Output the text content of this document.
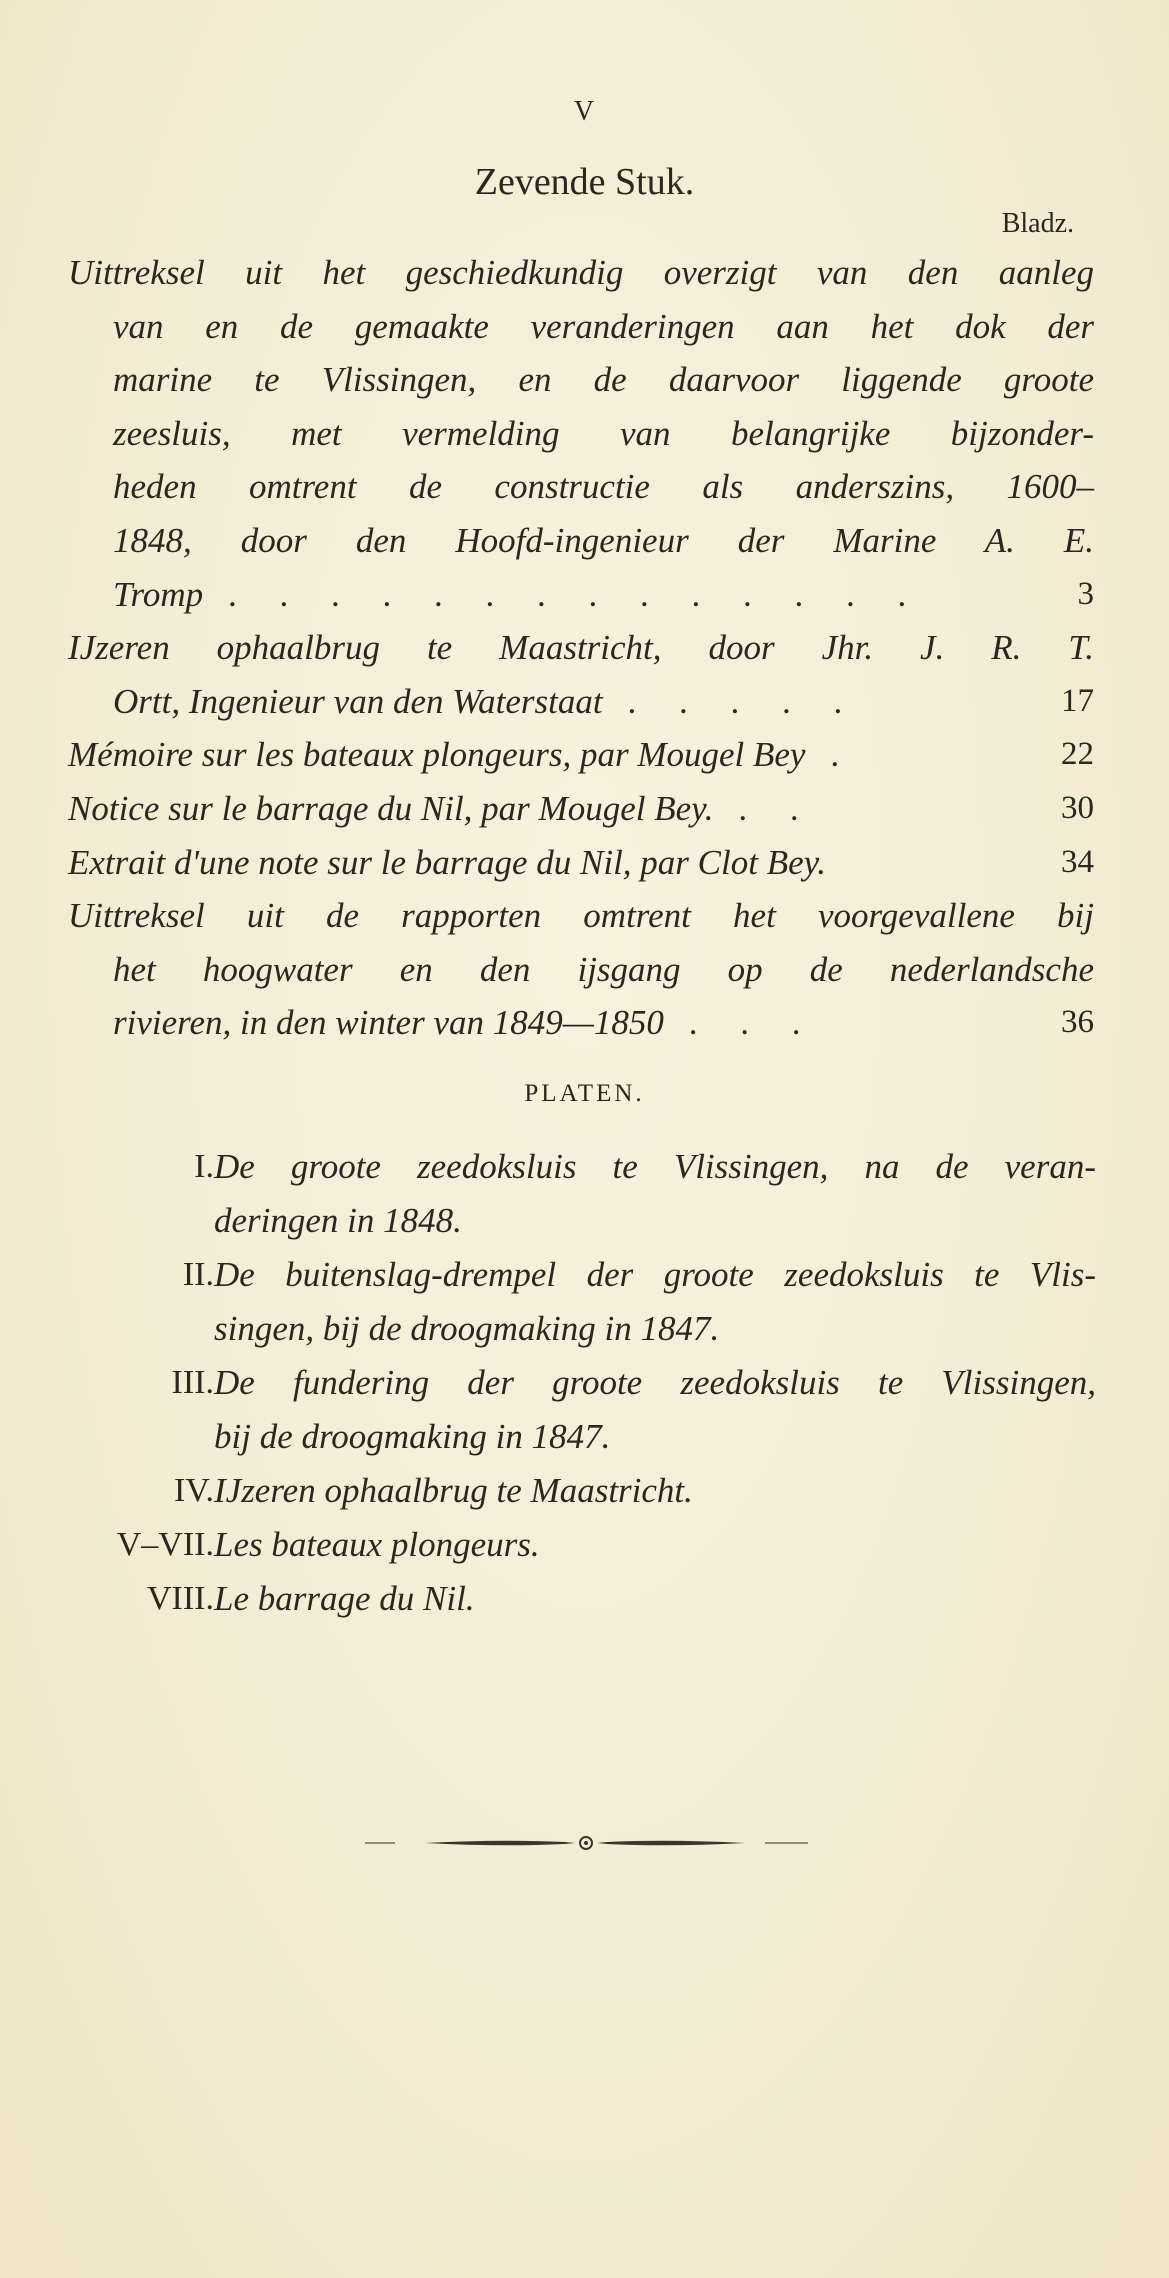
V
Zevende Stuk.
Bladz.
Uittreksel uit het geschiedkundig overzigt van den aanleg
van en de gemaakte veranderingen aan het dok der
marine te Vlissingen, en de daarvoor liggende groote
zeesluis, met vermelding van belangrijke bijzonder-
heden omtrent de constructie als anderszins, 1600–
1848, door den Hoofd-ingenieur der Marine A. E.
Tromp . . . . . . . . . . . . . .	3
IJzeren ophaalbrug te Maastricht, door Jhr. J. R. T.
Ortt, Ingenieur van den Waterstaat . . . . .	17
Mémoire sur les bateaux plongeurs, par Mougel Bey .	22
Notice sur le barrage du Nil, par Mougel Bey. . .	30
Extrait d'une note sur le barrage du Nil, par Clot Bey.	34
Uittreksel uit de rapporten omtrent het voorgevallene bij
het hoogwater en den ijsgang op de nederlandsche
rivieren, in den winter van 1849—1850 . . .	36
PLATEN.
I. De groote zeedoksluis te Vlissingen, na de veran-
deringen in 1848.
II. De buitenslag-drempel der groote zeedoksluis te Vlis-
singen, bij de droogmaking in 1847.
III. De fundering der groote zeedoksluis te Vlissingen,
bij de droogmaking in 1847.
IV. IJzeren ophaalbrug te Maastricht.
V–VII. Les bateaux plongeurs.
VIII. Le barrage du Nil.
